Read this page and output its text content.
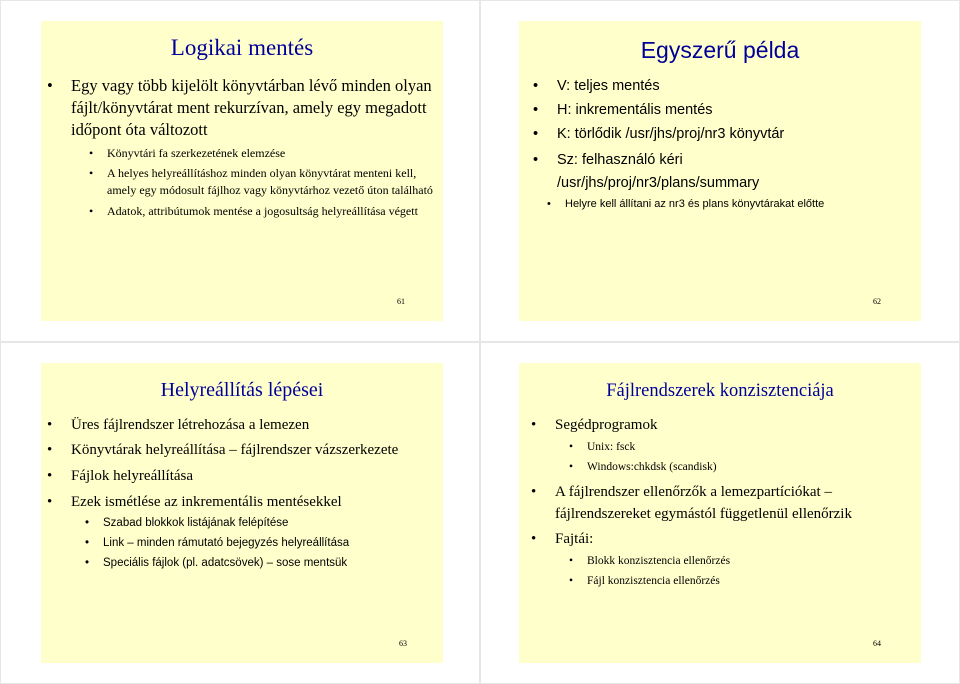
Logikai mentés
• Egy vagy több kijelölt könyvtárban lévő minden olyan fájlt/könyvtárat ment rekurzívan, amely egy megadott időpont óta változott
• Könyvtári fa szerkezetének elemzése
• A helyes helyreállításhoz minden olyan könyvtárat menteni kell, amely egy módosult fájlhoz vagy könyvtárhoz vezető úton található
• Adatok, attribútumok mentése a jogosultság helyreállítása végett
61
Egyszerű példa
• V: teljes mentés
• H: inkrementális mentés
• K: törlődik /usr/jhs/proj/nr3 könyvtár
• Sz: felhasználó kéri /usr/jhs/proj/nr3/plans/summary
• Helyre kell állítani az nr3 és plans könyvtárakat előtte
62
Helyreállítás lépései
• Üres fájlrendszer létrehozása a lemezen
• Könyvtárak helyreállítása – fájlrendszer vázszerkezete
• Fájlok helyreállítása
• Ezek ismétlése az inkrementális mentésekkel
• Szabad blokkok listájának felépítése
• Link – minden rámutató bejegyzés helyreállítása
• Speciális fájlok (pl. adatcsövek) – sose mentsük
63
Fájlrendszerek konzisztenciája
• Segédprogramok
• Unix: fsck
• Windows:chkdsk (scandisk)
• A fájlrendszer ellenőrzők a lemezpartíciókat – fájlrendszereket egymástól függetlenül ellenőrzik
• Fajtái:
• Blokk konzisztencia ellenőrzés
• Fájl konzisztencia ellenőrzés
64
